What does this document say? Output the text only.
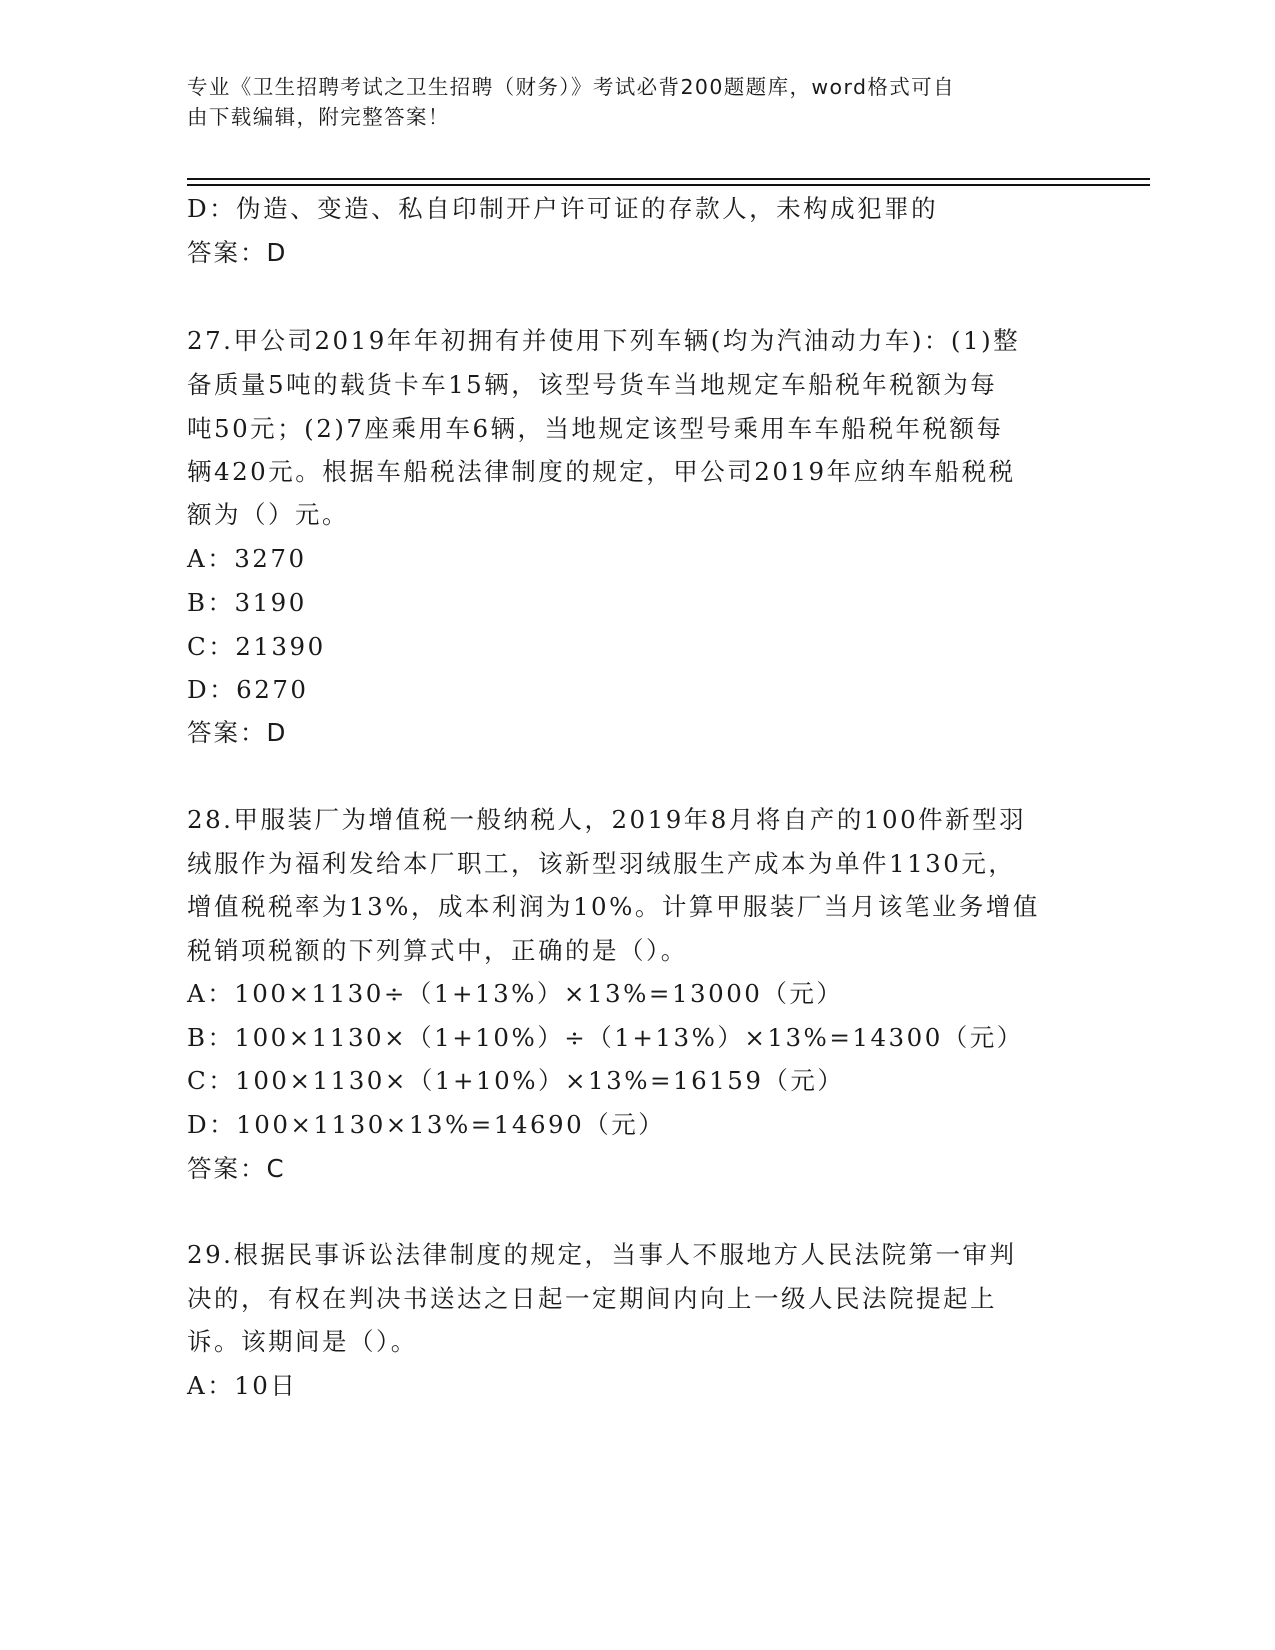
专业《卫生招聘考试之卫生招聘（财务）》考试必背200题题库，word格式可自
由下载编辑，附完整答案！
D：伪造、变造、私自印制开户许可证的存款人，未构成犯罪的
答案：D
27.甲公司2019年年初拥有并使用下列车辆(均为汽油动力车)：(1)整
备质量5吨的载货卡车15辆，该型号货车当地规定车船税年税额为每
吨50元；(2)7座乘用车6辆，当地规定该型号乘用车车船税年税额每
辆420元。根据车船税法律制度的规定，甲公司2019年应纳车船税税
额为（）元。
A：3270
B：3190
C：21390
D：6270
答案：D
28.甲服装厂为增值税一般纳税人，2019年8月将自产的100件新型羽
绒服作为福利发给本厂职工，该新型羽绒服生产成本为单件1130元，
增值税税率为13%，成本利润为10%。计算甲服装厂当月该笔业务增值
税销项税额的下列算式中，正确的是（）。
A：100×1130÷（1+13%）×13%=13000（元）
B：100×1130×（1+10%）÷（1+13%）×13%=14300（元）
C：100×1130×（1+10%）×13%=16159（元）
D：100×1130×13%=14690（元）
答案：C
29.根据民事诉讼法律制度的规定，当事人不服地方人民法院第一审判
决的，有权在判决书送达之日起一定期间内向上一级人民法院提起上
诉。该期间是（）。
A：10日
